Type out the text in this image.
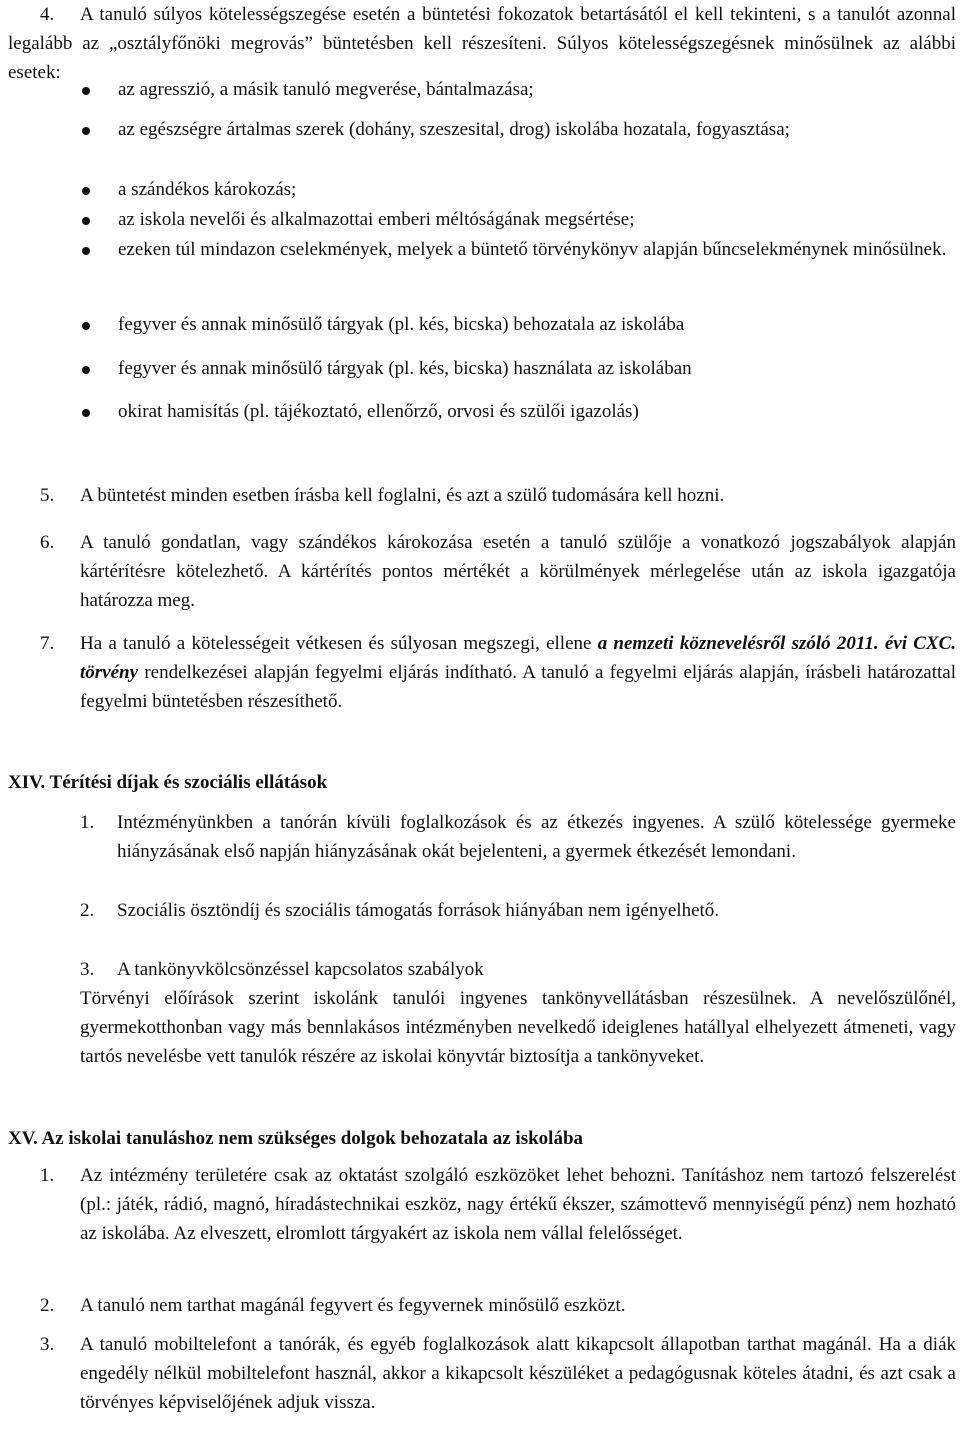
4.	A tanuló súlyos kötelességszegése esetén a büntetési fokozatok betartásától el kell tekinteni, s a tanulót azonnal legalább az „osztályfőnöki megrovás” büntetésben kell részesíteni. Súlyos kötelességszegésnek minősülnek az alábbi esetek:
az agresszió, a másik tanuló megverése, bántalmazása;
az egészségre ártalmas szerek (dohány, szeszesital, drog) iskolába hozatala, fogyasztása;
a szándékos károkozás;
az iskola nevelői és alkalmazottai emberi méltóságának megsértése;
ezeken túl mindazon cselekmények, melyek a büntető törvénykönyv alapján bűncselekménynek minősülnek.
fegyver és annak minősülő tárgyak (pl. kés, bicska) behozatala az iskolába
fegyver és annak minősülő tárgyak (pl. kés, bicska) használata az iskolában
okirat hamisítás (pl. tájékoztató, ellenőrző, orvosi és szülői igazolás)
5. A büntetést minden esetben írásba kell foglalni, és azt a szülő tudomására kell hozni.
6. A tanuló gondatlan, vagy szándékos károkozása esetén a tanuló szülője a vonatkozó jogszabályok alapján kártérítésre kötelezhető. A kártérítés pontos mértékét a körülmények mérlegelése után az iskola igazgatója határozza meg.
7. Ha a tanuló a kötelességeit vétkesen és súlyosan megszegi, ellene a nemzeti köznevelésről szóló 2011. évi CXC. törvény rendelkezései alapján fegyelmi eljárás indítható. A tanuló a fegyelmi eljárás alapján, írásbeli határozattal fegyelmi büntetésben részesíthető.
XIV. Térítési díjak és szociális ellátások
1. Intézményünkben a tanórán kívüli foglalkozások és az étkezés ingyenes. A szülő kötelessége gyermeke hiányzásának első napján hiányzásának okát bejelenteni, a gyermek étkezését lemondani.
2. Szociális ösztöndíj és szociális támogatás források hiányában nem igényelhető.
3. A tankönyvkölcsönzéssel kapcsolatos szabályok
Törvényi előírások szerint iskolánk tanulói ingyenes tankönyvellátásban részesülnek. A nevelőszülőnél, gyermekotthonban vagy más bennlakásos intézményben nevelkedő ideiglenes hatállyal elhelyezett átmeneti, vagy tartós nevelésbe vett tanulók részére az iskolai könyvtár biztosítja a tankönyveket.
XV. Az iskolai tanuláshoz nem szükséges dolgok behozatala az iskolába
1. Az intézmény területére csak az oktatást szolgáló eszközöket lehet behozni. Tanításhoz nem tartozó felszerelést (pl.: játék, rádió, magnó, híradástechnikai eszköz, nagy értékű ékszer, számottevő mennyiségű pénz) nem hozható az iskolába. Az elveszett, elromlott tárgyakért az iskola nem vállal felelősséget.
2. A tanuló nem tarthat magánál fegyvert és fegyvernek minősülő eszközt.
3. A tanuló mobiltelefont a tanórák, és egyéb foglalkozások alatt kikapcsolt állapotban tarthat magánál. Ha a diák engedély nélkül mobiltelefont használ, akkor a kikapcsolt készüléket a pedagógusnak köteles átadni, és azt csak a törvényes képviselőjének adjuk vissza.
